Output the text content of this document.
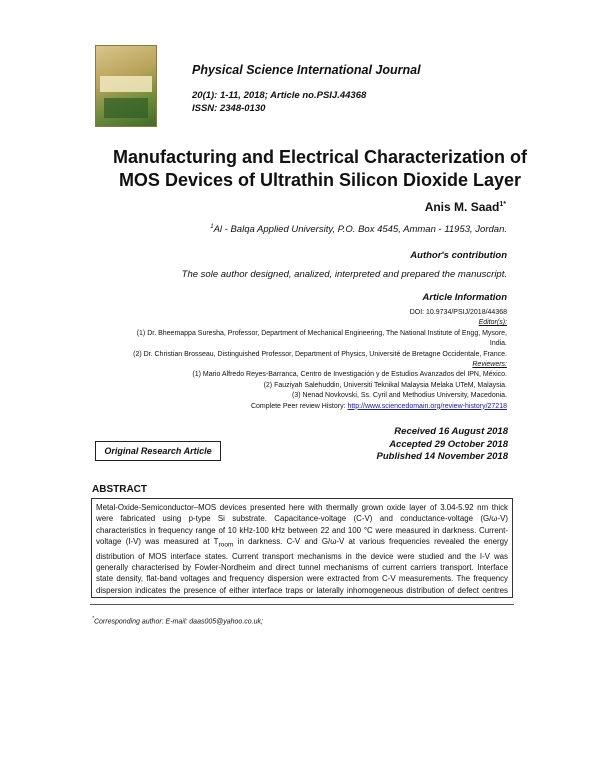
Physical Science International Journal
20(1): 1-11, 2018; Article no.PSIJ.44368
ISSN: 2348-0130
Manufacturing and Electrical Characterization of
MOS Devices of Ultrathin Silicon Dioxide Layer
Anis M. Saad$^{1*}$
$^1$Al - Balqa Applied University, P.O. Box 4545, Amman - 11953, Jordan.
Author's contribution
The sole author designed, analized, interpreted and prepared the manuscript.
Article Information
DOI: 10.9734/PSIJ/2018/44368
Editor(s):
(1) Dr. Bheemappa Suresha, Professor, Department of Mechanical Engineering, The National Institute of Engg, Mysore,
India.
(2) Dr. Christian Brosseau, Distinguished Professor, Department of Physics, Université de Bretagne Occidentale, France.
Reviewers:
(1) Mario Alfredo Reyes-Barranca, Centro de Investigación y de Estudios Avanzados del IPN, México.
(2) Fauziyah Salehuddin, Universiti Teknikal Malaysia Melaka UTeM, Malaysia.
(3) Nenad Novkovski, Ss. Cyril and Methodius University, Macedonia.
Complete Peer review History: http://www.sciencedomain.org/review-history/27218
Received 16 August 2018
Accepted 29 October 2018
Published 14 November 2018
Original Research Article
ABSTRACT

Metal-Oxide-Semiconductor–MOS devices presented here with thermally grown oxide layer of 3.04-5.92 nm thick were fabricated using p-type Si substrate. Capacitance-voltage (C-V) and conductance-voltage (G/ω-V) characteristics in frequency range of 10 kHz-100 kHz between 22 and 100 °C were measured in darkness. Current-voltage (I-V) was measured at $T_{room}$ in darkness. C-V and G/ω-V at various frequencies revealed the energy distribution of MOS interface states. Current transport mechanisms in the device were studied and the I-V was generally characterised by Fowler-Nordheim and direct tunnel mechanisms of current carriers transport. Interface state density, flat-band voltages and frequency dispersion were extracted from C-V measurements. The frequency dispersion indicates the presence of either interface traps or laterally inhomogeneous distribution of defect centres

*Corresponding author: E-mail: daas005@yahoo.co.uk;
